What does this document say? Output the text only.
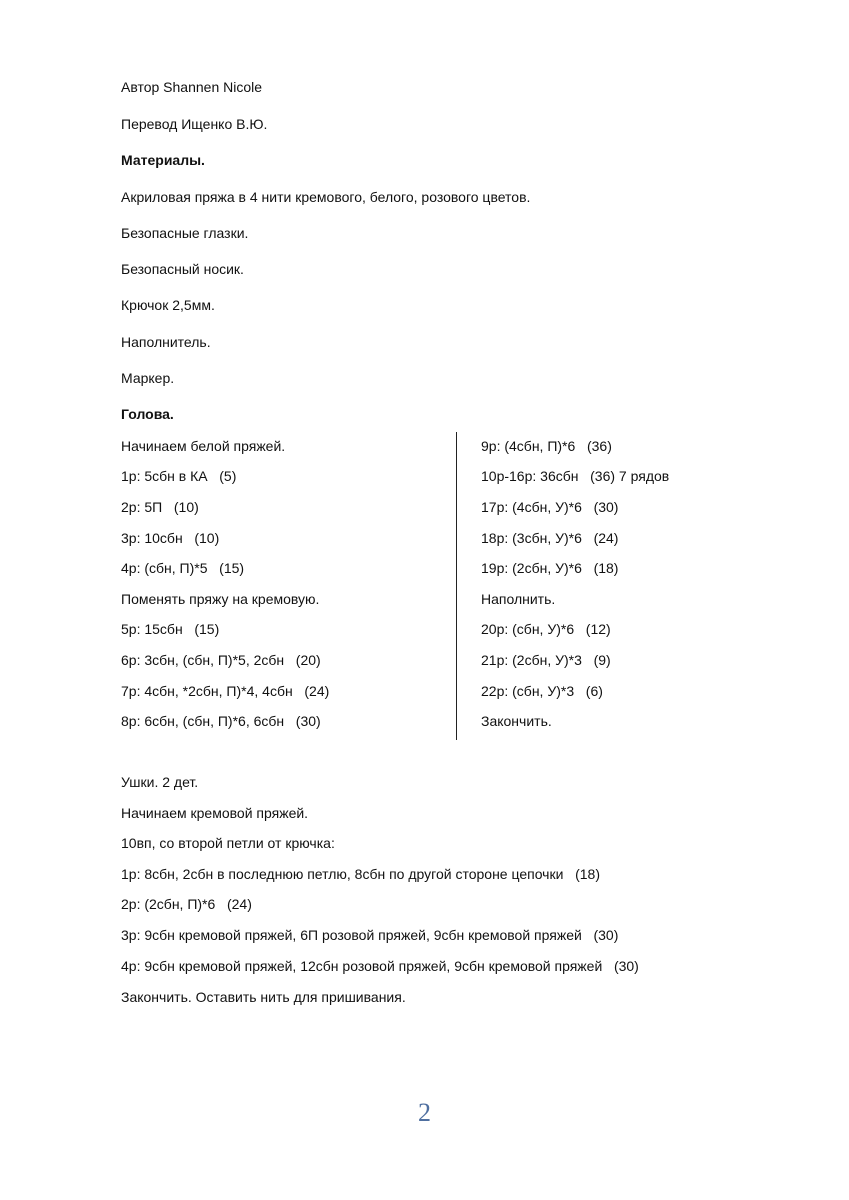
Автор Shannen Nicole
Перевод Ищенко В.Ю.
Материалы.
Акриловая пряжа в 4 нити кремового, белого, розового цветов.
Безопасные глазки.
Безопасный носик.
Крючок 2,5мм.
Наполнитель.
Маркер.
Голова.
Начинаем белой пряжей.
1р: 5сбн в КА   (5)
2р: 5П   (10)
3р: 10сбн   (10)
4р: (сбн, П)*5   (15)
Поменять пряжу на кремовую.
5р: 15сбн   (15)
6р: 3сбн, (сбн, П)*5, 2сбн   (20)
7р: 4сбн, *2сбн, П)*4, 4сбн   (24)
8р: 6сбн, (сбн, П)*6, 6сбн   (30)
9р: (4сбн, П)*6   (36)
10р-16р: 36сбн   (36) 7 рядов
17р: (4сбн, У)*6   (30)
18р: (3сбн, У)*6   (24)
19р: (2сбн, У)*6   (18)
Наполнить.
20р: (сбн, У)*6   (12)
21р: (2сбн, У)*3   (9)
22р: (сбн, У)*3   (6)
Закончить.
Ушки. 2 дет.
Начинаем кремовой пряжей.
10вп, со второй петли от крючка:
1р: 8сбн, 2сбн в последнюю петлю, 8сбн по другой стороне цепочки   (18)
2р: (2сбн, П)*6   (24)
3р: 9сбн кремовой пряжей, 6П розовой пряжей, 9сбн кремовой пряжей   (30)
4р: 9сбн кремовой пряжей, 12сбн розовой пряжей, 9сбн кремовой пряжей   (30)
Закончить. Оставить нить для пришивания.
2
